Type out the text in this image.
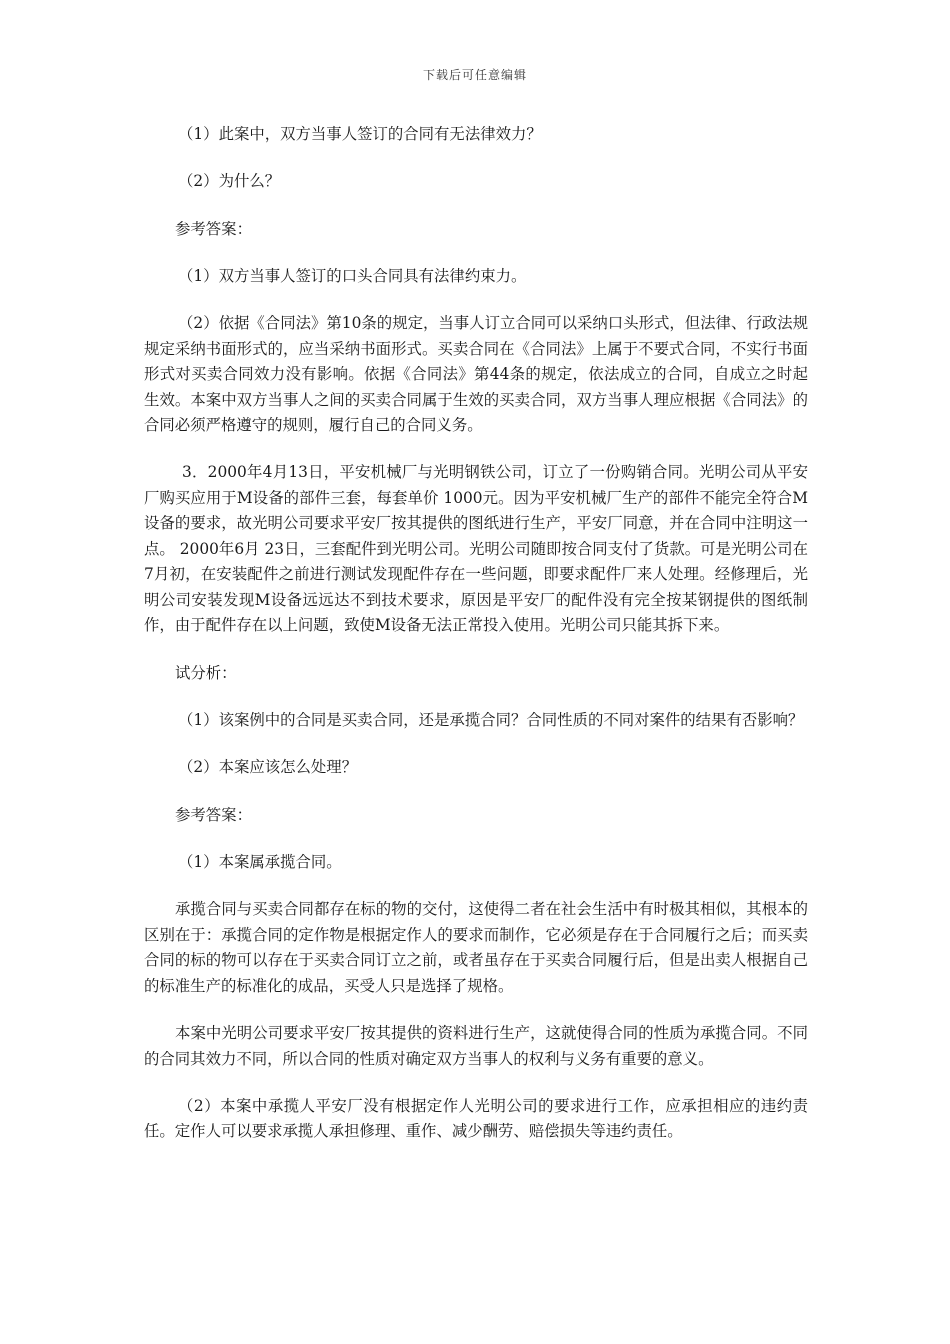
下载后可任意编辑

（1）此案中，双方当事人签订的合同有无法律效力？

（2）为什么？

参考答案：

（1）双方当事人签订的口头合同具有法律约束力。

（2）依据《合同法》第10条的规定，当事人订立合同可以采纳口头形式，但法律、行政法规规定采纳书面形式的，应当采纳书面形式。买卖合同在《合同法》上属于不要式合同，不实行书面形式对买卖合同效力没有影响。依据《合同法》第44条的规定，依法成立的合同，自成立之时起生效。本案中双方当事人之间的买卖合同属于生效的买卖合同，双方当事人理应根据《合同法》的合同必须严格遵守的规则，履行自己的合同义务。

3．2000年4月13日，平安机械厂与光明钢铁公司，订立了一份购销合同。光明公司从平安厂购买应用于M设备的部件三套，每套单价 1000元。因为平安机械厂生产的部件不能完全符合M设备的要求，故光明公司要求平安厂按其提供的图纸进行生产，平安厂同意，并在合同中注明这一点。 2000年6月 23日，三套配件到光明公司。光明公司随即按合同支付了货款。可是光明公司在7月初，在安装配件之前进行测试发现配件存在一些问题，即要求配件厂来人处理。经修理后，光明公司安装发现M设备远远达不到技术要求，原因是平安厂的配件没有完全按某钢提供的图纸制作，由于配件存在以上问题，致使M设备无法正常投入使用。光明公司只能其拆下来。

试分析：

（1）该案例中的合同是买卖合同，还是承揽合同？合同性质的不同对案件的结果有否影响？

（2）本案应该怎么处理？

参考答案：

（1）本案属承揽合同。

承揽合同与买卖合同都存在标的物的交付，这使得二者在社会生活中有时极其相似，其根本的区别在于：承揽合同的定作物是根据定作人的要求而制作，它必须是存在于合同履行之后；而买卖合同的标的物可以存在于买卖合同订立之前，或者虽存在于买卖合同履行后，但是出卖人根据自己的标准生产的标准化的成品，买受人只是选择了规格。

本案中光明公司要求平安厂按其提供的资料进行生产，这就使得合同的性质为承揽合同。不同的合同其效力不同，所以合同的性质对确定双方当事人的权利与义务有重要的意义。

（2）本案中承揽人平安厂没有根据定作人光明公司的要求进行工作，应承担相应的违约责任。定作人可以要求承揽人承担修理、重作、减少酬劳、赔偿损失等违约责任。
